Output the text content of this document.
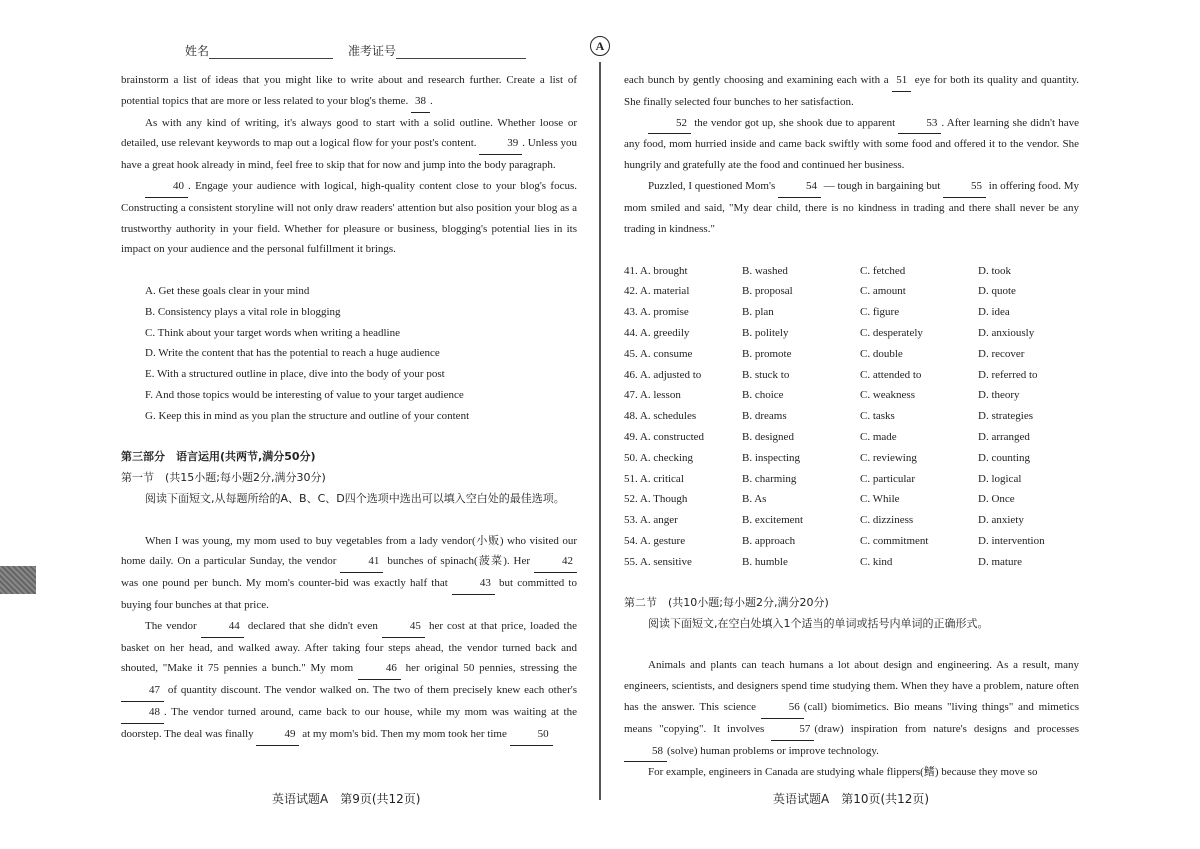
姓名	准考证号	A

brainstorm a list of ideas that you might like to write about and research further. Create a list of potential topics that are more or less related to your blog's theme. 38 .

As with any kind of writing, it's always good to start with a solid outline. Whether loose or detailed, use relevant keywords to map out a logical flow for your post's content.	39 . Unless you have a great hook already in mind, feel free to skip that for now and jump into the body paragraph.

40 . Engage your audience with logical, high-quality content close to your blog's focus. Constructing a consistent storyline will not only draw readers' attention but also position your blog as a trustworthy authority in your field. Whether for pleasure or business, blogging's potential lies in its impact on your audience and the personal fulfillment it brings.

A. Get these goals clear in your mind

B. Consistency plays a vital role in blogging

C. Think about your target words when writing a headline

D. Write the content that has the potential to reach a huge audience

E. With a structured outline in place, dive into the body of your post

F. And those topics would be interesting of value to your target audience

G. Keep this in mind as you plan the structure and outline of your content

第三部分　语言运用(共两节,满分50分)

第一节　(共15小题;每小题2分,满分30分)

阅读下面短文,从每题所给的A、B、C、D四个选项中选出可以填入空白处的最佳选项。

When I was young, my mom used to buy vegetables from a lady vendor(小贩) who visited our home daily. On a particular Sunday, the vendor	41 bunches of spinach(菠菜). Her	42 was one pound per bunch. My mom's counter-bid was exactly half that	43 but committed to buying four bunches at that price.

The vendor	44 declared that she didn't even	45 her cost at that price, loaded the basket on her head, and walked away. After taking four steps ahead, the vendor turned back and shouted, "Make it 75 pennies a bunch." My mom	46 her original 50 pennies, stressing the 47 of quantity discount. The vendor walked on. The two of them precisely knew each other's 48 . The vendor turned around, came back to our house, while my mom was waiting at the doorstep. The deal was finally	49 at my mom's bid. Then my mom took her time	50

英语试题A　第9页(共12页)

each bunch by gently choosing and examining each with a 51 eye for both its quality and quantity. She finally selected four bunches to her satisfaction.

52 the vendor got up, she shook due to apparent	53 . After learning she didn't have any food, mom hurried inside and came back swiftly with some food and offered it to the vendor. She hungrily and gratefully ate the food and continued her business.

Puzzled, I questioned Mom's	54 — tough in bargaining but	55 in offering food. My mom smiled and said, "My dear child, there is no kindness in trading and there shall never be any trading in kindness."

41. A. brought	B. washed	C. fetched	D. took
42. A. material	B. proposal	C. amount	D. quote
43. A. promise	B. plan	C. figure	D. idea
44. A. greedily	B. politely	C. desperately	D. anxiously
45. A. consume	B. promote	C. double	D. recover
46. A. adjusted to	B. stuck to	C. attended to	D. referred to
47. A. lesson	B. choice	C. weakness	D. theory
48. A. schedules	B. dreams	C. tasks	D. strategies
49. A. constructed	B. designed	C. made	D. arranged
50. A. checking	B. inspecting	C. reviewing	D. counting
51. A. critical	B. charming	C. particular	D. logical
52. A. Though	B. As	C. While	D. Once
53. A. anger	B. excitement	C. dizziness	D. anxiety
54. A. gesture	B. approach	C. commitment	D. intervention
55. A. sensitive	B. humble	C. kind	D. mature

第二节　(共10小题;每小题2分,满分20分)

阅读下面短文,在空白处填入1个适当的单词或括号内单词的正确形式。

Animals and plants can teach humans a lot about design and engineering. As a result, many engineers, scientists, and designers spend time studying them. When they have a problem, nature often has the answer. This science	56 (call) biomimetics. Bio means "living things" and mimetics means "copying". It involves	57 (draw) inspiration from nature's designs and processes 58 (solve) human problems or improve technology.

For example, engineers in Canada are studying whale flippers(鳍) because they move so

英语试题A　第10页(共12页)
